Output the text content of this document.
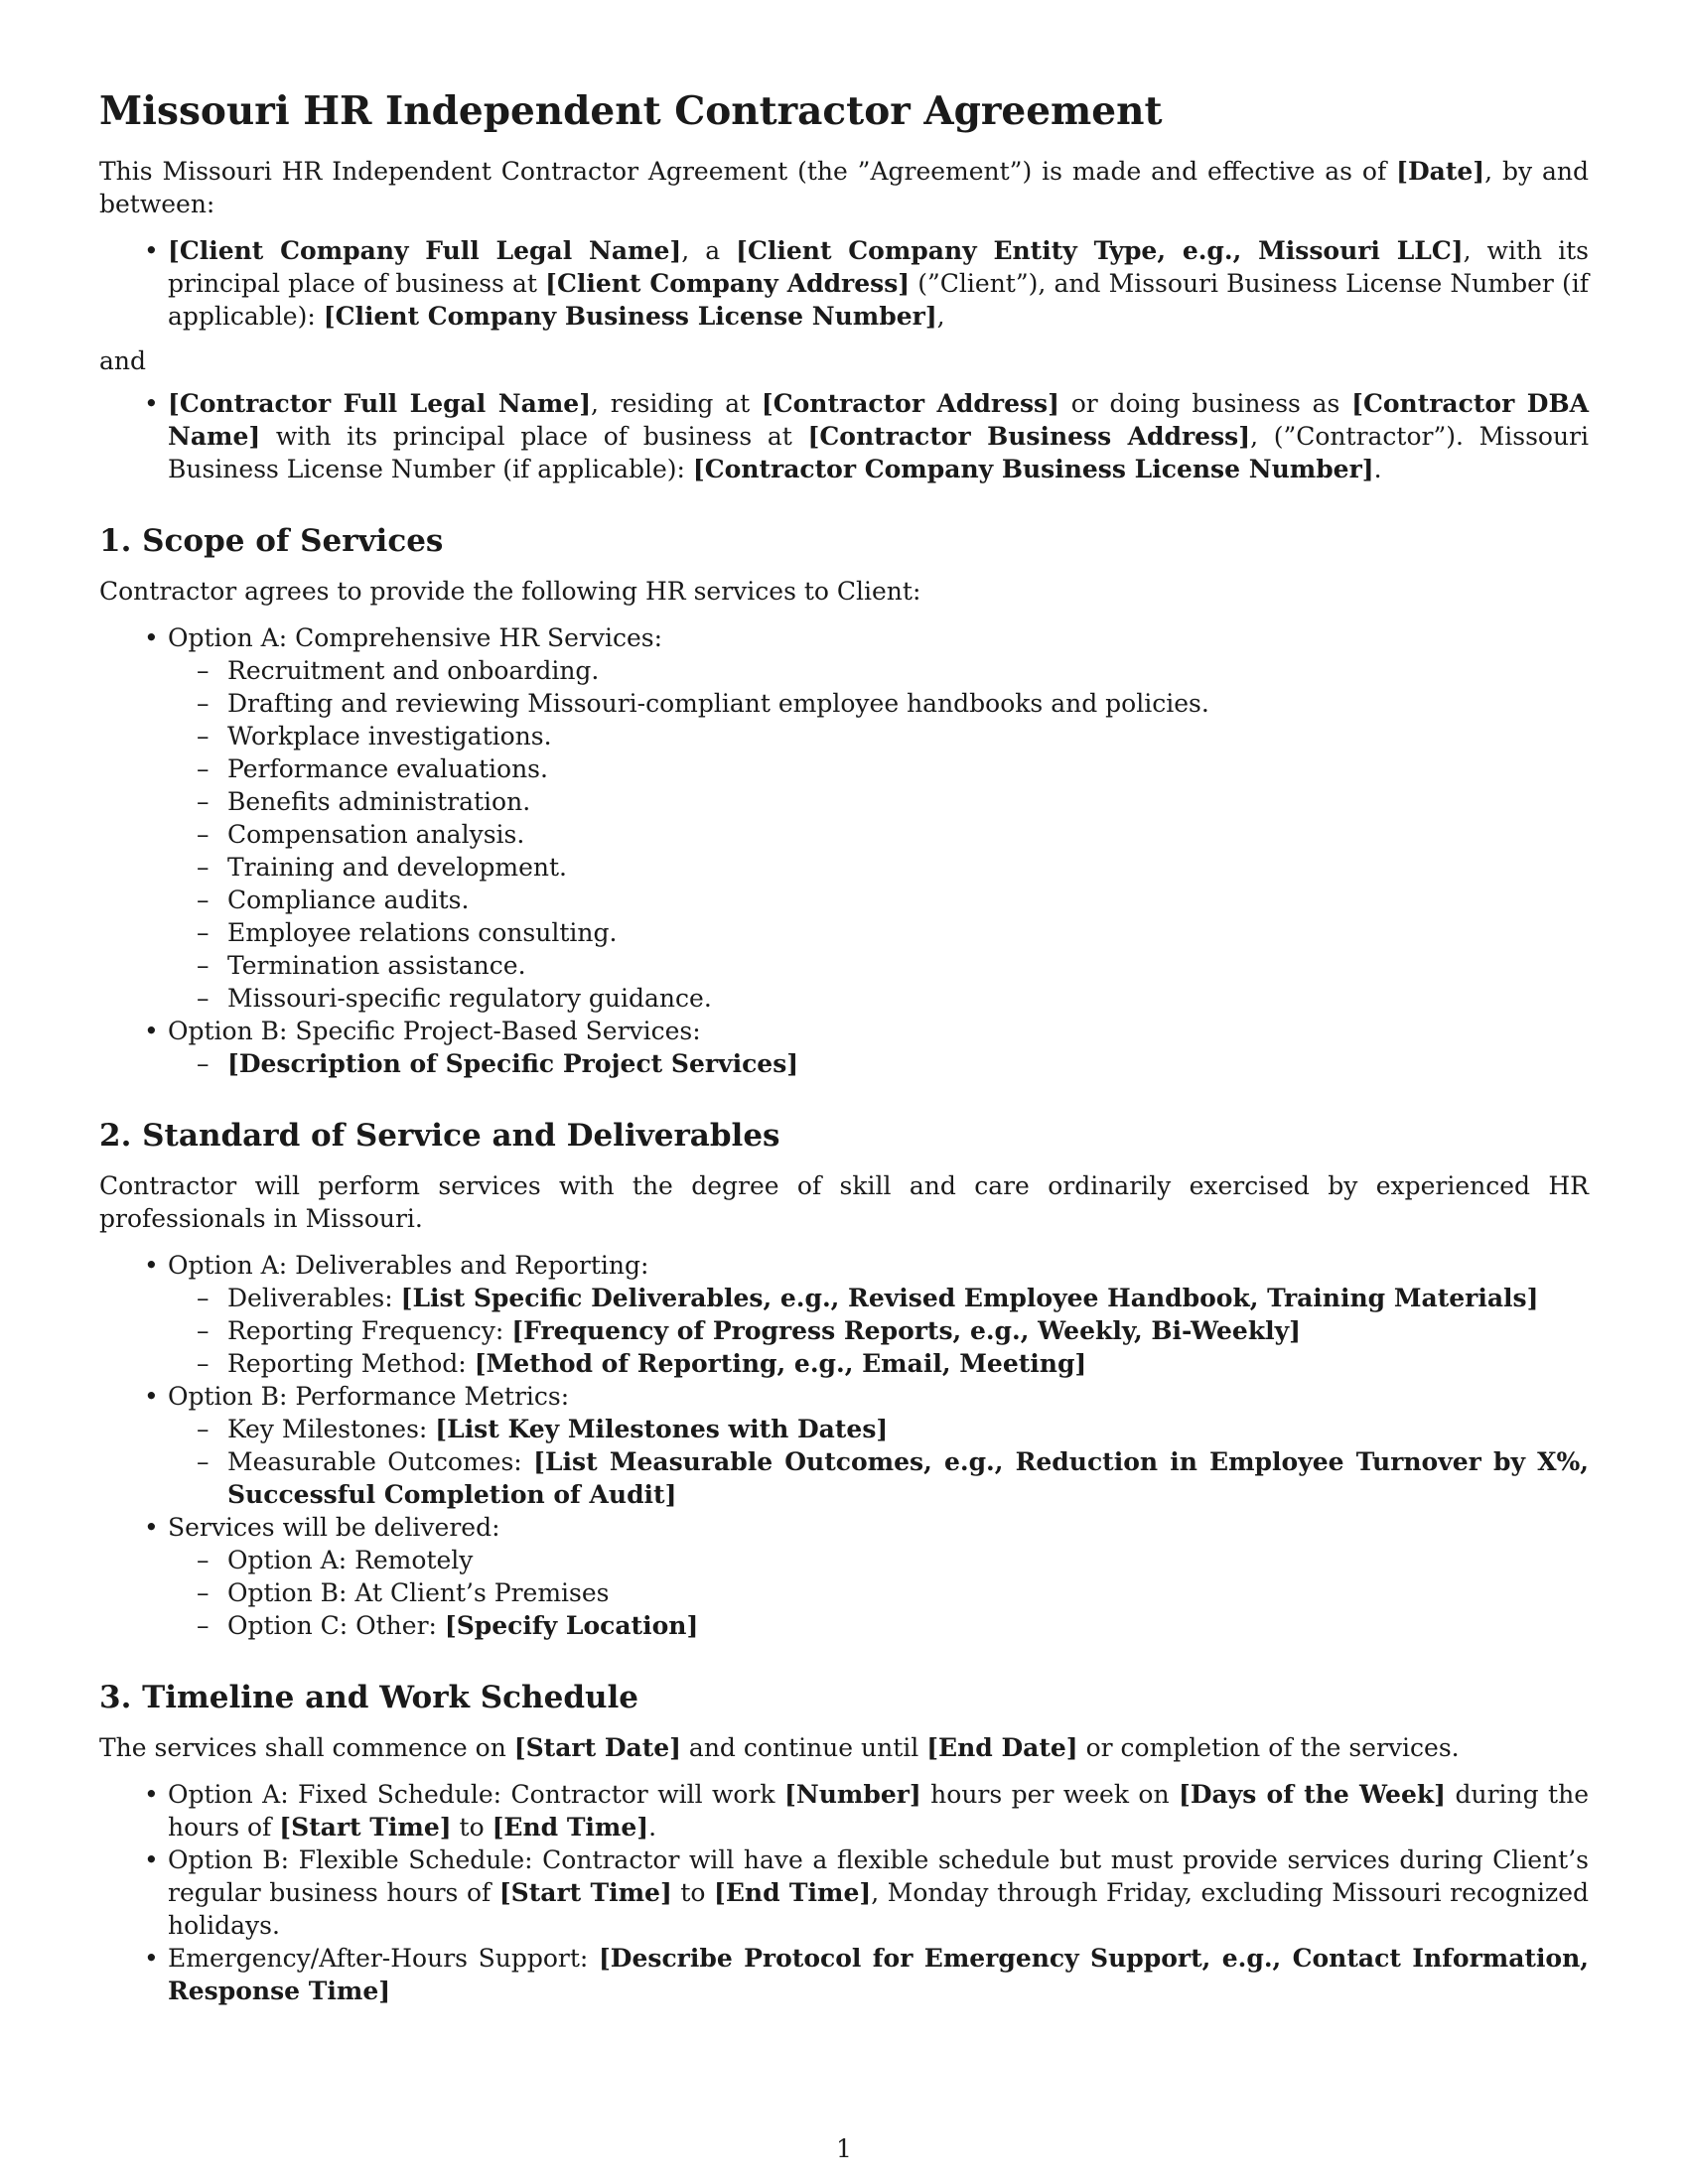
Missouri HR Independent Contractor Agreement

This Missouri HR Independent Contractor Agreement (the ”Agreement”) is made and effective as of [Date], by and between:

• [Client Company Full Legal Name], a [Client Company Entity Type, e.g., Missouri LLC], with its principal place of business at [Client Company Address] (”Client”), and Missouri Business License Number (if applicable): [Client Company Business License Number],
and
• [Contractor Full Legal Name], residing at [Contractor Address] or doing business as [Contractor DBA Name] with its principal place of business at [Contractor Business Address], (”Contractor”). Missouri Business License Number (if applicable): [Contractor Company Business License Number].
1. Scope of Services

Contractor agrees to provide the following HR services to Client:

• Option A: Comprehensive HR Services:
– Recruitment and onboarding.
– Drafting and reviewing Missouri-compliant employee handbooks and policies.
– Workplace investigations.
– Performance evaluations.
– Benefits administration.
– Compensation analysis.
– Training and development.
– Compliance audits.
– Employee relations consulting.
– Termination assistance.
– Missouri-specific regulatory guidance.
• Option B: Specific Project-Based Services:
– [Description of Specific Project Services]
2. Standard of Service and Deliverables

Contractor will perform services with the degree of skill and care ordinarily exercised by experienced HR professionals in Missouri.

• Option A: Deliverables and Reporting:
– Deliverables: [List Specific Deliverables, e.g., Revised Employee Handbook, Training Materials]
– Reporting Frequency: [Frequency of Progress Reports, e.g., Weekly, Bi-Weekly]
– Reporting Method: [Method of Reporting, e.g., Email, Meeting]
• Option B: Performance Metrics:
– Key Milestones: [List Key Milestones with Dates]
– Measurable Outcomes: [List Measurable Outcomes, e.g., Reduction in Employee Turnover by X%, Successful Completion of Audit]
• Services will be delivered:
– Option A: Remotely
– Option B: At Client’s Premises
– Option C: Other: [Specify Location]
3. Timeline and Work Schedule

The services shall commence on [Start Date] and continue until [End Date] or completion of the services.

• Option A: Fixed Schedule: Contractor will work [Number] hours per week on [Days of the Week] during the hours of [Start Time] to [End Time].
• Option B: Flexible Schedule: Contractor will have a flexible schedule but must provide services during Client’s regular business hours of [Start Time] to [End Time], Monday through Friday, excluding Missouri recognized holidays.
• Emergency/After-Hours Support: [Describe Protocol for Emergency Support, e.g., Contact Information, Response Time]
1
